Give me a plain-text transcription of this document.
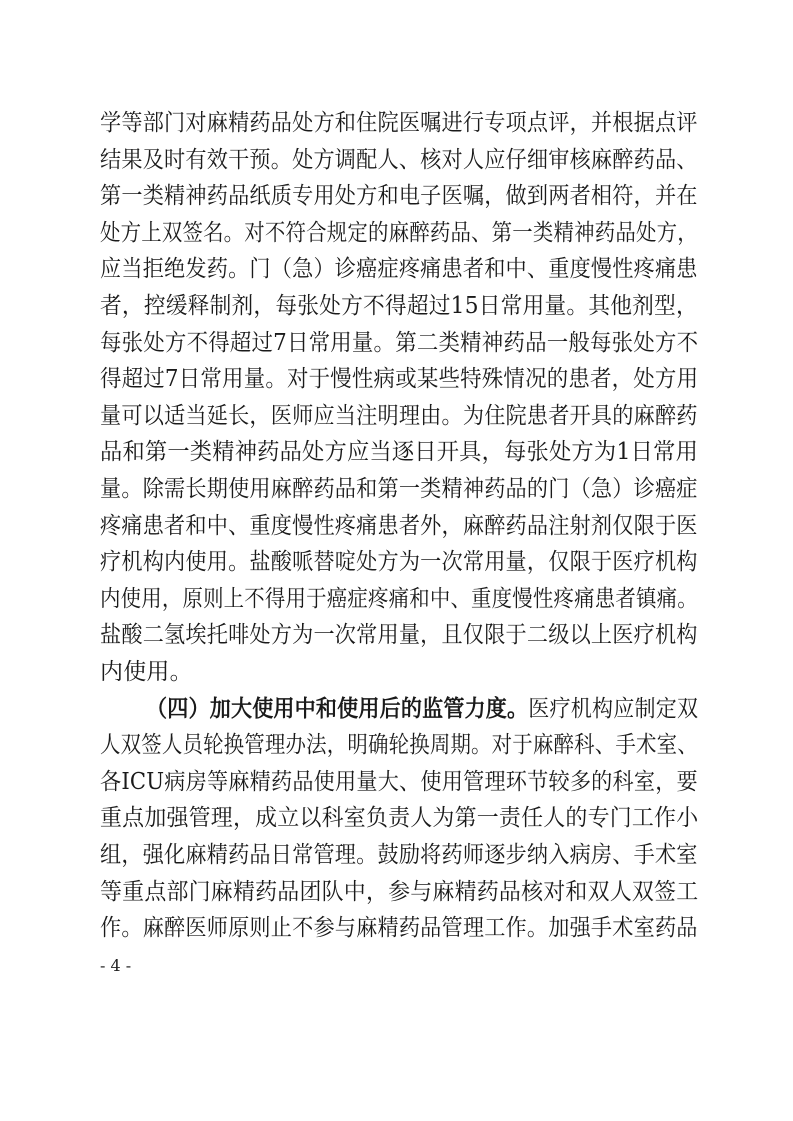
学等部门对麻精药品处方和住院医嘱进行专项点评，并根据点评
结果及时有效干预。处方调配人、核对人应仔细审核麻醉药品、
第一类精神药品纸质专用处方和电子医嘱，做到两者相符，并在
处方上双签名。对不符合规定的麻醉药品、第一类精神药品处方，
应当拒绝发药。门（急）诊癌症疼痛患者和中、重度慢性疼痛患
者，控缓释制剂，每张处方不得超过15日常用量。其他剂型，
每张处方不得超过7日常用量。第二类精神药品一般每张处方不
得超过7日常用量。对于慢性病或某些特殊情况的患者，处方用
量可以适当延长，医师应当注明理由。为住院患者开具的麻醉药
品和第一类精神药品处方应当逐日开具，每张处方为1日常用
量。除需长期使用麻醉药品和第一类精神药品的门（急）诊癌症
疼痛患者和中、重度慢性疼痛患者外，麻醉药品注射剂仅限于医
疗机构内使用。盐酸哌替啶处方为一次常用量，仅限于医疗机构
内使用，原则上不得用于癌症疼痛和中、重度慢性疼痛患者镇痛。
盐酸二氢埃托啡处方为一次常用量，且仅限于二级以上医疗机构
内使用。
（四）加大使用中和使用后的监管力度。医疗机构应制定双
人双签人员轮换管理办法，明确轮换周期。对于麻醉科、手术室、
各ICU病房等麻精药品使用量大、使用管理环节较多的科室，要
重点加强管理，成立以科室负责人为第一责任人的专门工作小
组，强化麻精药品日常管理。鼓励将药师逐步纳入病房、手术室
等重点部门麻精药品团队中，参与麻精药品核对和双人双签工
作。麻醉医师原则止不参与麻精药品管理工作。加强手术室药品
- 4 -
